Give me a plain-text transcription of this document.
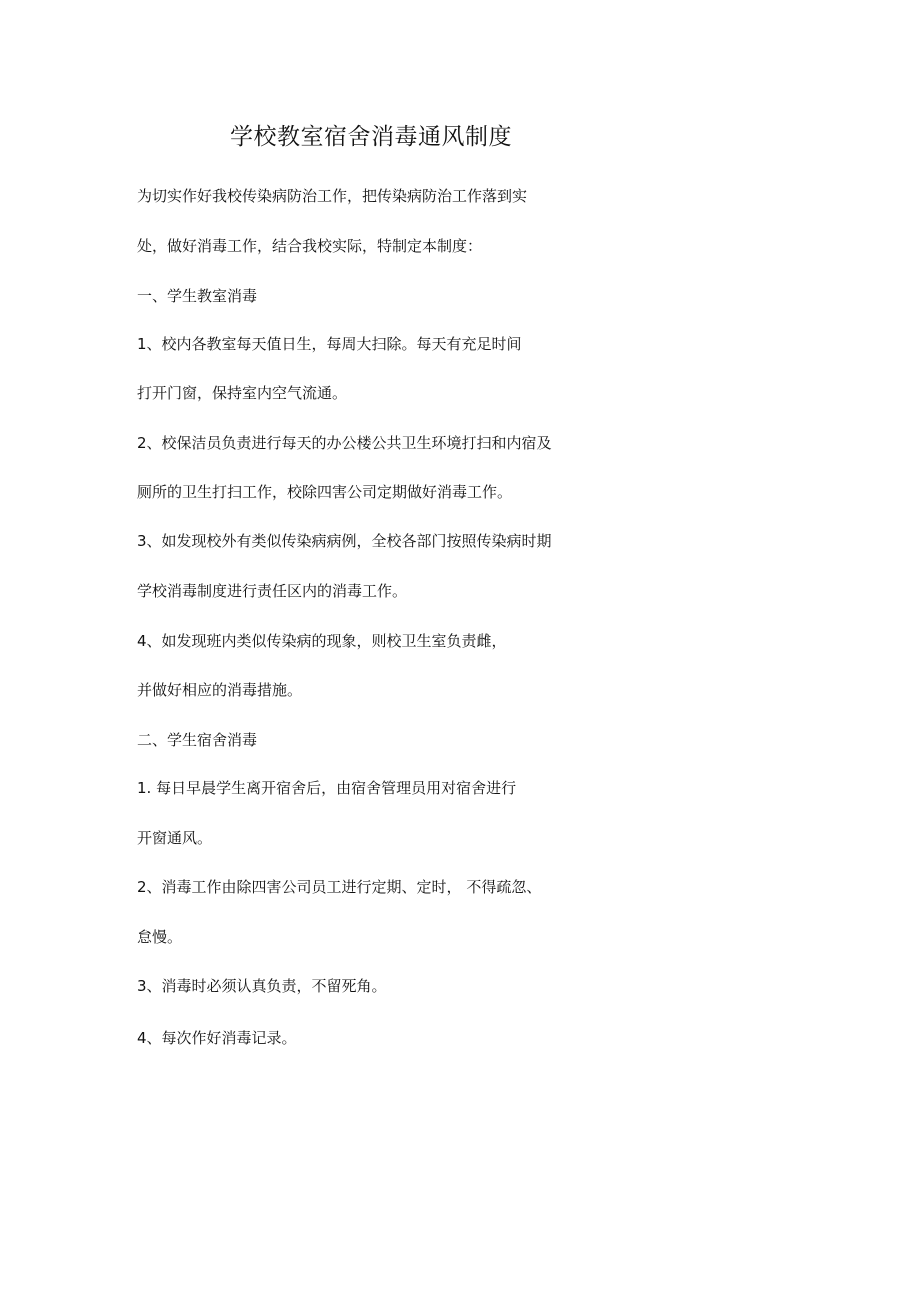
学校教室宿舍消毒通风制度
为切实作好我校传染病防治工作，把传染病防治工作落到实
处，做好消毒工作，结合我校实际，特制定本制度：
一、学生教室消毒
1、校内各教室每天值日生，每周大扫除。每天有充足时间
打开门窗，保持室内空气流通。
2、校保洁员负责进行每天的办公楼公共卫生环境打扫和内宿及
厕所的卫生打扫工作，校除四害公司定期做好消毒工作。
3、如发现校外有类似传染病病例，全校各部门按照传染病时期
学校消毒制度进行责任区内的消毒工作。
4、如发现班内类似传染病的现象，则校卫生室负责雌，
并做好相应的消毒措施。
二、学生宿舍消毒
1. 每日早晨学生离开宿舍后，由宿舍管理员用对宿舍进行
开窗通风。
2、消毒工作由除四害公司员工进行定期、定时， 不得疏忽、
怠慢。
3、消毒时必须认真负责，不留死角。
4、每次作好消毒记录。
